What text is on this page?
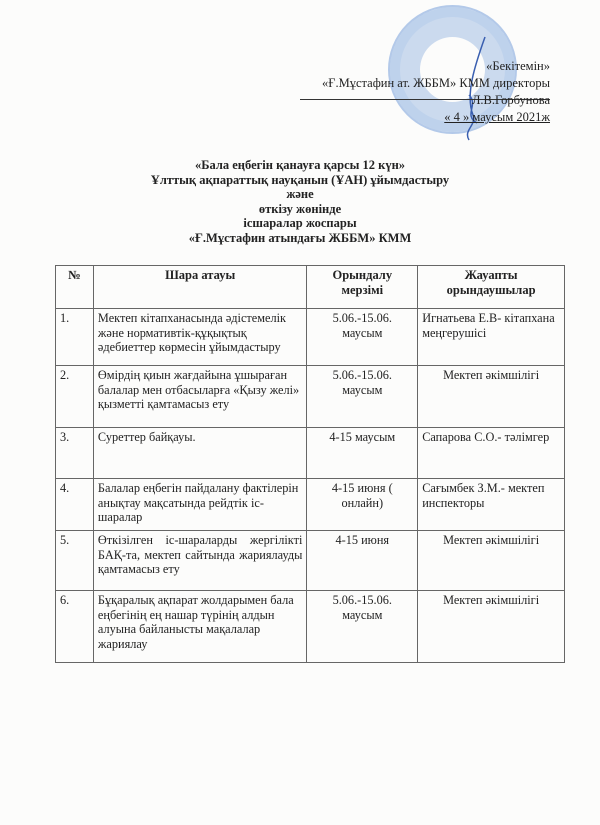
«Бекітемін»
«Ғ.Мұстафин ат. ЖББМ» КММ директоры
Л.В.Горбунова
« 4 » маусым 2021ж
«Бала еңбегін қанауға қарсы 12 күн»
Ұлттық ақпараттық науқанын (ҰАН) ұйымдастыру
және
өткізу жөнінде
ісшаралар жоспары
«Ғ.Мұстафин атындағы ЖББМ» КММ
№	Шара атауы	Орындалу мерзімі	Жауапты орындаушылар
1.	Мектеп кітапханасында әдістемелік және нормативтік-құқықтық әдебиеттер көрмесін ұйымдастыру	5.06.-15.06. маусым	Игнатьева Е.В- кітапхана меңгерушісі
2.	Өмірдің қиын жағдайына ұшыраған балалар мен отбасыларға «Қызу желі» қызметті қамтамасыз ету	5.06.-15.06. маусым	Мектеп әкімшілігі
3.	Суреттер байқауы.	4-15 маусым	Сапарова С.О.- тәлімгер
4.	Балалар еңбегін пайдалану фактілерін анықтау мақсатында рейдтік іс-шаралар	4-15 июня ( онлайн)	Сағымбек З.М.- мектеп инспекторы
5.	Өткізілген іс-шараларды жергілікті БАҚ-та, мектеп сайтында жариялауды қамтамасыз ету	4-15 июня	Мектеп әкімшілігі
6.	Бұқаралық ақпарат жолдарымен бала еңбегінің ең нашар түрінің алдын алуына байланысты мақалалар жариялау	5.06.-15.06. маусым	Мектеп әкімшілігі
